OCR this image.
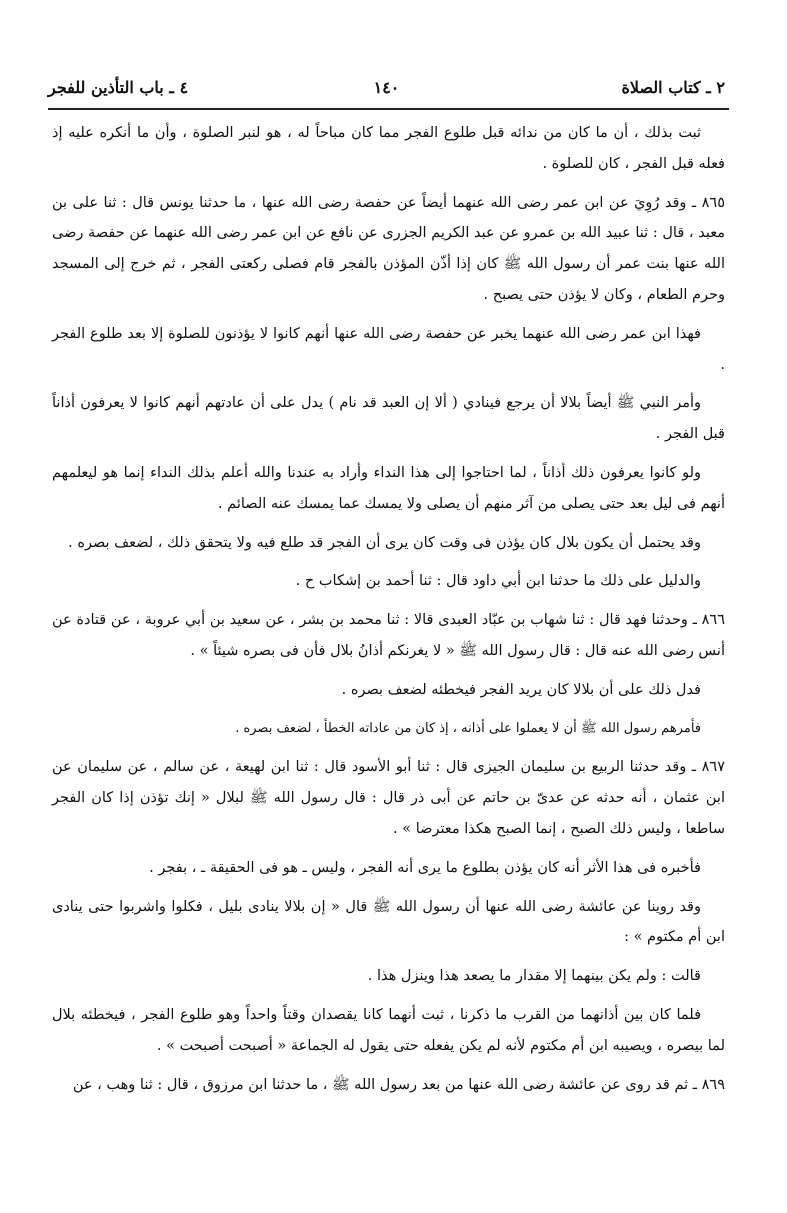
٢ ـ كتاب الصلاة
١٤٠
٤ ـ باب التأذين للفجر

ثبت بذلك ، أن ما كان من ندائه قبل طلوع الفجر مما كان مباحاً له ، هو لنبر الصلوة ، وأن ما أنكره عليه إذ فعله قبل الفجر ، كان للصلوة .

٨٦٥ ـ وقد رُوِيَ عن ابن عمر رضى الله عنهما أيضاً عن حفصة رضى الله عنها ، ما حدثنا يونس قال : ثنا على بن معبد ، قال : ثنا عبيد الله بن عمرو عن عبد الكريم الجزرى عن نافع عن ابن عمر رضى الله عنهما عن حفصة رضى الله عنها بنت عمر أن رسول الله ﷺ كان إذا أذّن المؤذن بالفجر قام فصلى ركعتى الفجر ، ثم خرج إلى المسجد وحرم الطعام ، وكان لا يؤذن حتى يصبح .

فهذا ابن عمر رضى الله عنهما يخبر عن حفصة رضى الله عنها أنهم كانوا لا يؤذنون للصلوة إلا بعد طلوع الفجر .

وأمر النبي ﷺ أيضاً بلالا أن يرجع فينادي ( ألا إن العبد قد نام ) يدل على أن عادتهم أنهم كانوا لا يعرفون أذاناً قبل الفجر .

ولو كانوا يعرفون ذلك أذاناً ، لما احتاجوا إلى هذا النداء وأراد به عندنا والله أعلم بذلك النداء إنما هو ليعلمهم أنهم فى ليل بعد حتى يصلى من آثر منهم أن يصلى ولا يمسك عما يمسك عنه الصائم .

وقد يحتمل أن يكون بلال كان يؤذن فى وقت كان يرى أن الفجر قد طلع فيه ولا يتحقق ذلك ، لضعف بصره .

والدليل على ذلك ما حدثنا ابن أبي داود قال : ثنا أحمد بن إشكاب ح .

٨٦٦ ـ وحدثنا فهد قال : ثنا شهاب بن عبّاد العبدى قالا : ثنا محمد بن بشر ، عن سعيد بن أبي عروبة ، عن قتادة عن أنس رضى الله عنه قال : قال رسول الله ﷺ « لا يغرنكم أذانُ بلال فأن فى بصره شيئاً » .

فدل ذلك على أن بلالا كان يريد الفجر فيخطئه لضعف بصره .

فأمرهم رسول الله ﷺ أن لا يعملوا على أذانه ، إذ كان من عاداته الخطأ ، لضعف بصره .

٨٦٧ ـ وقد حدثنا الربيع بن سليمان الجيزى قال : ثنا أبو الأسود قال : ثنا ابن لهيعة ، عن سالم ، عن سليمان عن ابن عثمان ، أنه حدثه عن عدىّ بن حاتم عن أبى ذر قال : قال رسول الله ﷺ لبلال « إنك تؤذن إذا كان الفجر ساطعا ، وليس ذلك الصبح ، إنما الصبح هكذا معترضا » .

فأخبره فى هذا الأثر أنه كان يؤذن بطلوع ما يرى أنه الفجر ، وليس ـ هو فى الحقيقة ـ ، بفجر .

وقد روينا عن عائشة رضى الله عنها أن رسول الله ﷺ قال « إن بلالا ينادى بليل ، فكلوا واشربوا حتى ينادى ابن أم مكتوم » :

قالت : ولم يكن بينهما إلا مقدار ما يصعد هذا وينزل هذا .

فلما كان بين أذانهما من القرب ما ذكرنا ، ثبت أنهما كانا يقصدان وقتاً واحداً وهو طلوع الفجر ، فيخطئه بلال لما بيصره ، ويصيبه ابن أم مكتوم لأنه لم يكن يفعله حتى يقول له الجماعة « أصبحت أصبحت » .

٨٦٩ ـ ثم قد روى عن عائشة رضى الله عنها من بعد رسول الله ﷺ ، ما حدثنا ابن مرزوق ، قال : ثنا وهب ، عن
